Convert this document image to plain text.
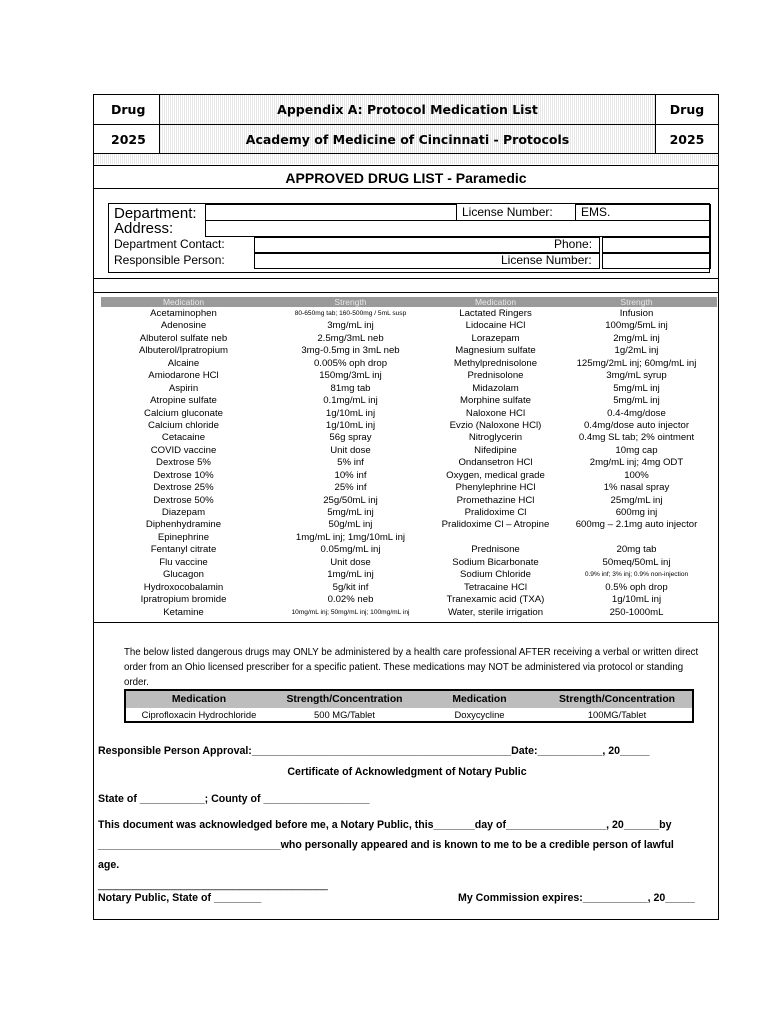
Drug	Appendix A: Protocol Medication List	Drug
2025	Academy of Medicine of Cincinnati - Protocols	2025
APPROVED DRUG LIST - Paramedic
Department:	License Number: EMS.
Address:
Department Contact:	Phone:
Responsible Person:	License Number:
Medication	Strength	Medication	Strength
Acetaminophen	80-650mg tab; 160-500mg / 5mL susp	Lactated Ringers	Infusion
Adenosine	3mg/mL inj	Lidocaine HCl	100mg/5mL inj
Albuterol sulfate neb	2.5mg/3mL neb	Lorazepam	2mg/mL inj
Albuterol/Ipratropium	3mg-0.5mg in 3mL neb	Magnesium sulfate	1g/2mL inj
Alcaine	0.005% oph drop	Methylprednisolone	125mg/2mL inj; 60mg/mL inj
Amiodarone HCl	150mg/3mL inj	Prednisolone	3mg/mL syrup
Aspirin	81mg tab	Midazolam	5mg/mL inj
Atropine sulfate	0.1mg/mL inj	Morphine sulfate	5mg/mL inj
Calcium gluconate	1g/10mL inj	Naloxone HCl	0.4-4mg/dose
Calcium chloride	1g/10mL inj	Evzio (Naloxone HCl)	0.4mg/dose auto injector
Cetacaine	56g spray	Nitroglycerin	0.4mg SL tab; 2% ointment
COVID vaccine	Unit dose	Nifedipine	10mg cap
Dextrose 5%	5% inf	Ondansetron HCl	2mg/mL inj; 4mg ODT
Dextrose 10%	10% inf	Oxygen, medical grade	100%
Dextrose 25%	25% inf	Phenylephrine HCl	1% nasal spray
Dextrose 50%	25g/50mL inj	Promethazine HCl	25mg/mL inj
Diazepam	5mg/mL inj	Pralidoxime Cl	600mg inj
Diphenhydramine	50g/mL inj	Pralidoxime Cl – Atropine	600mg – 2.1mg auto injector
Epinephrine	1mg/mL inj; 1mg/10mL inj
Fentanyl citrate	0.05mg/mL inj	Prednisone	20mg tab
Flu vaccine	Unit dose	Sodium Bicarbonate	50meq/50mL inj
Glucagon	1mg/mL inj	Sodium Chloride	0.9% inf; 3% inj; 0.9% non-injection
Hydroxocobalamin	5g/kit inf	Tetracaine HCl	0.5% oph drop
Ipratropium bromide	0.02% neb	Tranexamic acid (TXA)	1g/10mL inj
Ketamine	10mg/mL inj; 50mg/mL inj; 100mg/mL inj	Water, sterile irrigation	250-1000mL
The below listed dangerous drugs may ONLY be administered by a health care professional AFTER receiving a verbal or written direct order from an Ohio licensed prescriber for a specific patient. These medications may NOT be administered via protocol or standing order.
Medication	Strength/Concentration	Medication	Strength/Concentration
Ciprofloxacin Hydrochloride	500 MG/Tablet	Doxycycline	100MG/Tablet
Responsible Person Approval:____________________________________________Date:___________, 20_____
Certificate of Acknowledgment of Notary Public
State of ___________; County of __________________
This document was acknowledged before me, a Notary Public, this_______day of_________________, 20______by
_______________________________who personally appeared and is known to me to be a credible person of lawful
age.
_______________________________________
Notary Public, State of ________	My Commission expires:___________, 20_____
